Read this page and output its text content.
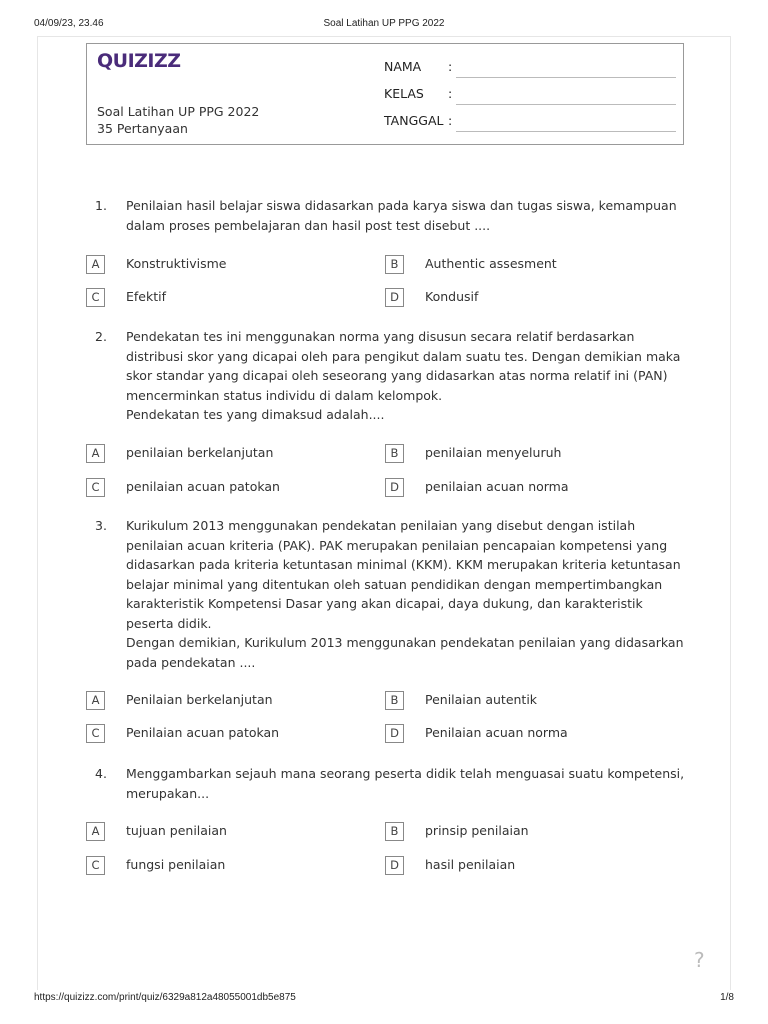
04/09/23, 23.46	Soal Latihan UP PPG 2022
QUIZIZZ
Soal Latihan UP PPG 2022
35 Pertanyaan
NAMA :
KELAS :
TANGGAL :
1. Penilaian hasil belajar siswa didasarkan pada karya siswa dan tugas siswa, kemampuan
dalam proses pembelajaran dan hasil post test disebut ....
A	Konstruktivisme	B	Authentic assesment
C	Efektif	D	Kondusif
2. Pendekatan tes ini menggunakan norma yang disusun secara relatif berdasarkan
distribusi skor yang dicapai oleh para pengikut dalam suatu tes. Dengan demikian maka
skor standar yang dicapai oleh seseorang yang didasarkan atas norma relatif ini (PAN)
mencerminkan status individu di dalam kelompok.
Pendekatan tes yang dimaksud adalah....
A	penilaian berkelanjutan	B	penilaian menyeluruh
C	penilaian acuan patokan	D	penilaian acuan norma
3. Kurikulum 2013 menggunakan pendekatan penilaian yang disebut dengan istilah
penilaian acuan kriteria (PAK). PAK merupakan penilaian pencapaian kompetensi yang
didasarkan pada kriteria ketuntasan minimal (KKM). KKM merupakan kriteria ketuntasan
belajar minimal yang ditentukan oleh satuan pendidikan dengan mempertimbangkan
karakteristik Kompetensi Dasar yang akan dicapai, daya dukung, dan karakteristik
peserta didik.
Dengan demikian, Kurikulum 2013 menggunakan pendekatan penilaian yang didasarkan
pada pendekatan ....
A	Penilaian berkelanjutan	B	Penilaian autentik
C	Penilaian acuan patokan	D	Penilaian acuan norma
4. Menggambarkan sejauh mana seorang peserta didik telah menguasai suatu kompetensi,
merupakan...
A	tujuan penilaian	B	prinsip penilaian
C	fungsi penilaian	D	hasil penilaian
?
https://quizizz.com/print/quiz/6329a812a48055001db5e875	1/8
